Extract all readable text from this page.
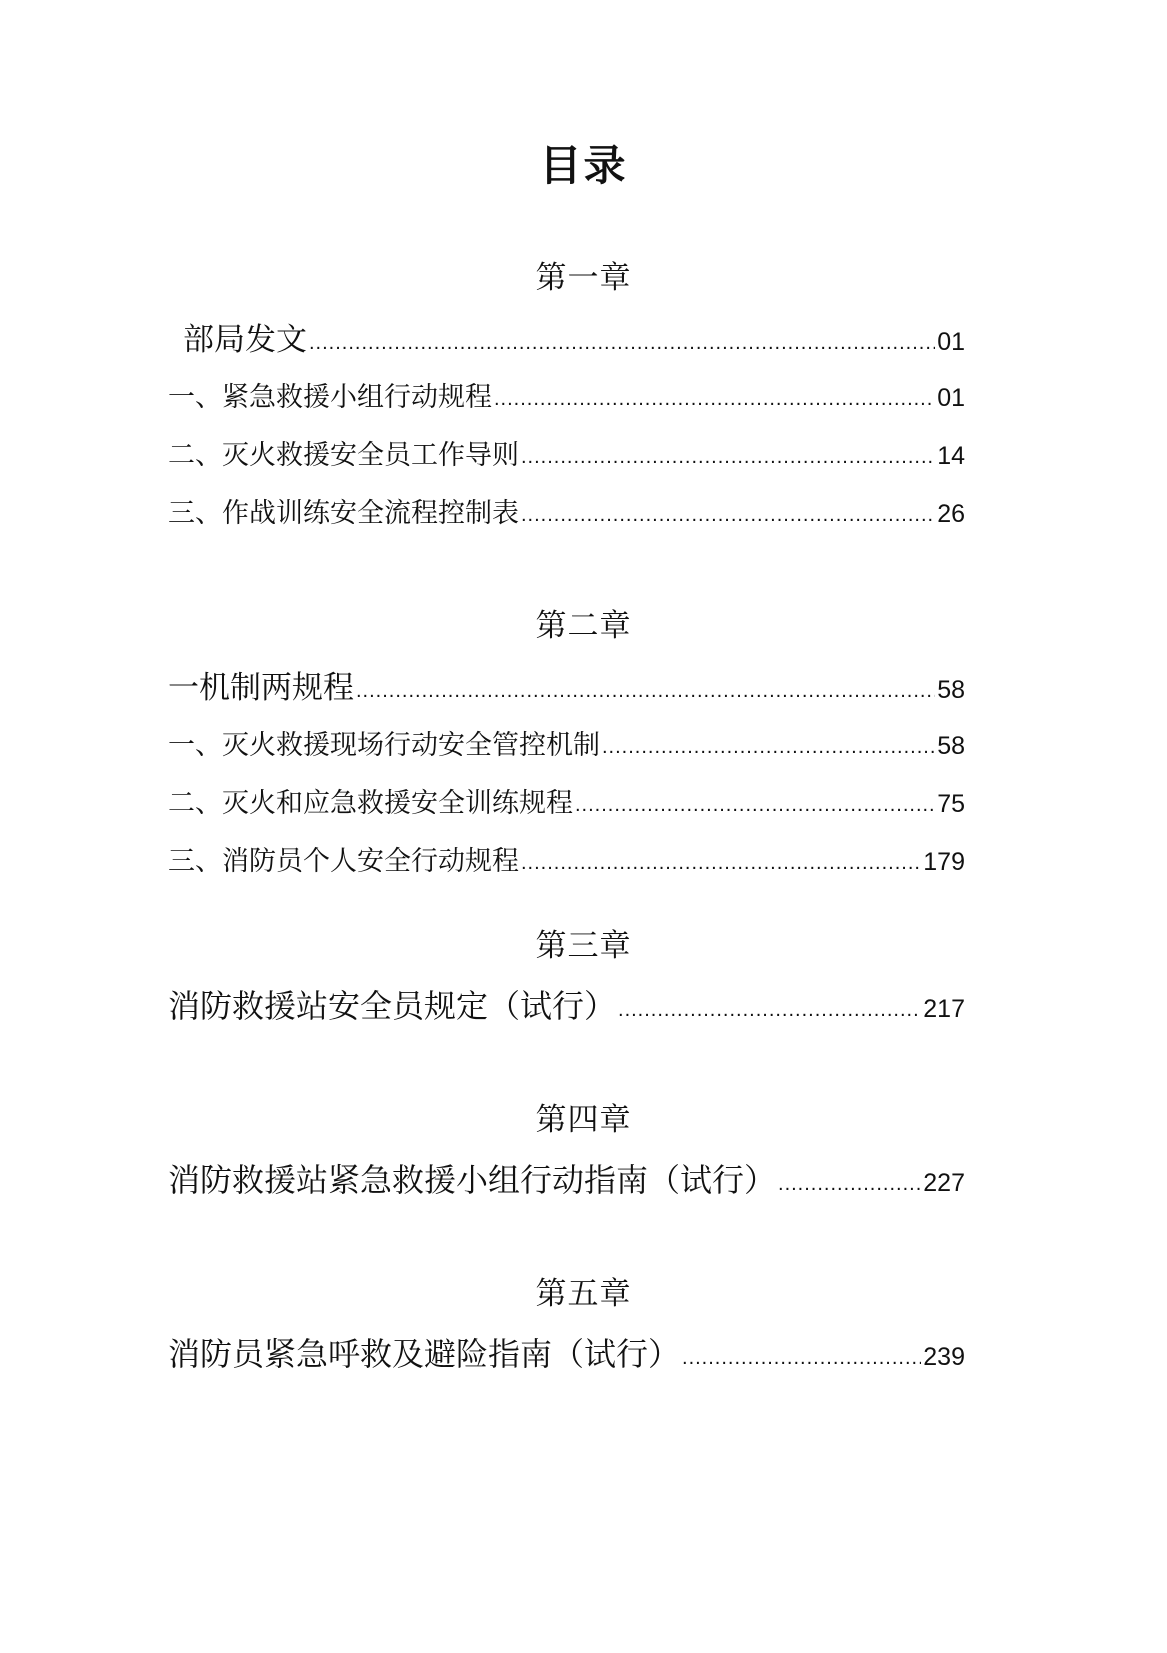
目录
第一章
部局发文 .....	01
一、紧急救援小组行动规程 .....	01
二、灭火救援安全员工作导则 .....	14
三、作战训练安全流程控制表 .....	26
第二章
一机制两规程 .....	58
一、灭火救援现场行动安全管控机制 .....	58
二、灭火和应急救援安全训练规程 .....	75
三、消防员个人安全行动规程 .....	179
第三章
消防救援站安全员规定（试行） .....	217
第四章
消防救援站紧急救援小组行动指南（试行） .....	227
第五章
消防员紧急呼救及避险指南（试行） .....	239
